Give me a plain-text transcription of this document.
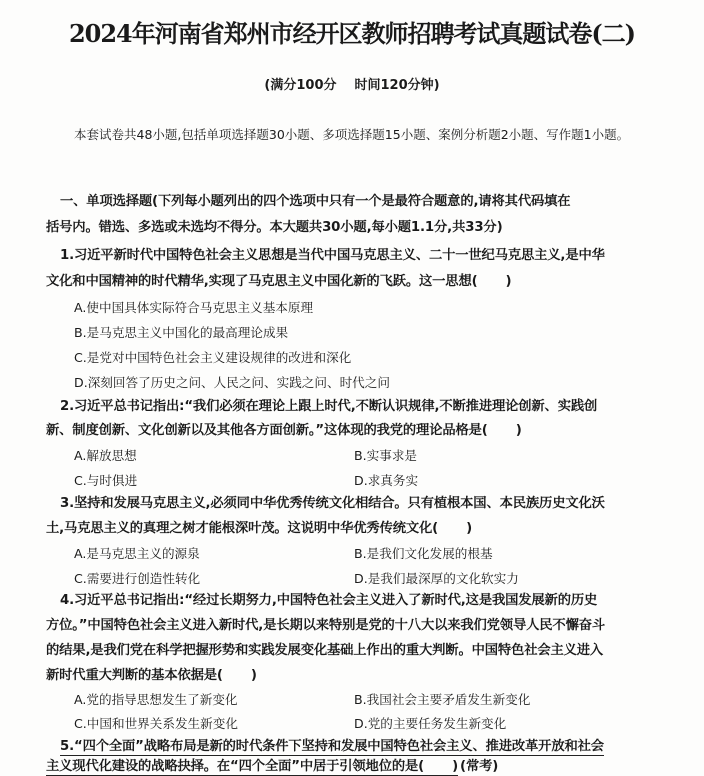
2024年河南省郑州市经开区教师招聘考试真题试卷(二)
(满分100分 时间120分钟)
本套试卷共48小题,包括单项选择题30小题、多项选择题15小题、案例分析题2小题、写作题1小题。
一、单项选择题(下列每小题列出的四个选项中只有一个是最符合题意的,请将其代码填在
括号内。错选、多选或未选均不得分。本大题共30小题,每小题1.1分,共33分)
1.习近平新时代中国特色社会主义思想是当代中国马克思主义、二十一世纪马克思主义,是中华
文化和中国精神的时代精华,实现了马克思主义中国化新的飞跃。这一思想( )
A.使中国具体实际符合马克思主义基本原理
B.是马克思主义中国化的最高理论成果
C.是党对中国特色社会主义建设规律的改进和深化
D.深刻回答了历史之问、人民之问、实践之问、时代之问
2.习近平总书记指出:“我们必须在理论上跟上时代,不断认识规律,不断推进理论创新、实践创
新、制度创新、文化创新以及其他各方面创新。”这体现的我党的理论品格是( )
A.解放思想	B.实事求是
C.与时俱进	D.求真务实
3.坚持和发展马克思主义,必须同中华优秀传统文化相结合。只有植根本国、本民族历史文化沃
土,马克思主义的真理之树才能根深叶茂。这说明中华优秀传统文化( )
A.是马克思主义的源泉	B.是我们文化发展的根基
C.需要进行创造性转化	D.是我们最深厚的文化软实力
4.习近平总书记指出:“经过长期努力,中国特色社会主义进入了新时代,这是我国发展新的历史
方位。”中国特色社会主义进入新时代,是长期以来特别是党的十八大以来我们党领导人民不懈奋斗
的结果,是我们党在科学把握形势和实践发展变化基础上作出的重大判断。中国特色社会主义进入
新时代重大判断的基本依据是( )
A.党的指导思想发生了新变化	B.我国社会主要矛盾发生新变化
C.中国和世界关系发生新变化	D.党的主要任务发生新变化
5.“四个全面”战略布局是新的时代条件下坚持和发展中国特色社会主义、推进改革开放和社会
主义现代化建设的战略抉择。在“四个全面”中居于引领地位的是( ) (常考)
